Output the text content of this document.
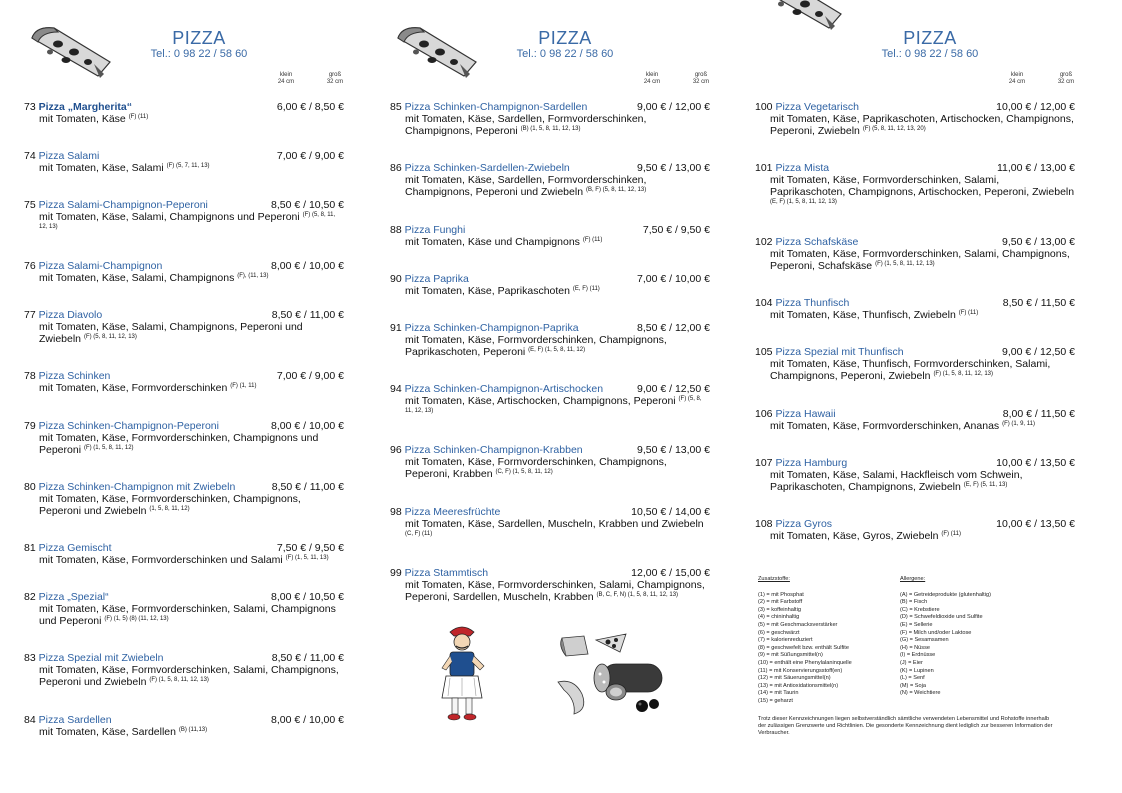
PIZZA
Tel.: 0 98 22 / 58 60
klein
24 cm
groß
32 cm
73 Pizza „Margherita“	6,00 € / 8,50 €
mit Tomaten, Käse $^{(F) (11)}$
74 Pizza Salami	7,00 € / 9,00 €
mit Tomaten, Käse, Salami $^{(F) (5, 7, 11, 13)}$
75 Pizza Salami-Champignon-Peperoni	8,50 € / 10,50 €
mit Tomaten, Käse, Salami, Champignons und Peperoni $^{(F) (5, 8, 11, 12, 13)}$
76 Pizza Salami-Champignon	8,00 € / 10,00 €
mit Tomaten, Käse, Salami, Champignons $^{(F), (11, 13)}$
77 Pizza Diavolo	8,50 € / 11,00 €
mit Tomaten, Käse, Salami, Champignons, Peperoni und Zwiebeln $^{(F) (5, 8, 11, 12, 13)}$
78 Pizza Schinken	7,00 € / 9,00 €
mit Tomaten, Käse, Formvorderschinken $^{(F) (1, 11)}$
79 Pizza Schinken-Champignon-Peperoni	8,00 € / 10,00 €
mit Tomaten, Käse, Formvorderschinken, Champignons und Peperoni $^{(F) (1, 5, 8, 11, 12)}$
80 Pizza Schinken-Champignon mit Zwiebeln	8,50 € / 11,00 €
mit Tomaten, Käse, Formvorderschinken, Champignons, Peperoni und Zwiebeln $^{(1, 5, 8, 11, 12)}$
81 Pizza Gemischt	7,50 € / 9,50 €
mit Tomaten, Käse, Formvorderschinken und Salami $^{(F) (1, 5, 11, 13)}$
82 Pizza „Spezial“	8,00 € / 10,50 €
mit Tomaten, Käse, Formvorderschinken, Salami, Champignons und Peperoni $^{(F) (1, 5) (8) (11, 12, 13)}$
83 Pizza Spezial mit Zwiebeln	8,50 € / 11,00 €
mit Tomaten, Käse, Formvorderschinken, Salami, Champignons, Peperoni und Zwiebeln $^{(F) (1, 5, 8, 11, 12, 13)}$
84 Pizza Sardellen	8,00 € / 10,00 €
mit Tomaten, Käse, Sardellen $^{(B) (11,13)}$
PIZZA
Tel.: 0 98 22 / 58 60
klein
24 cm
groß
32 cm
85 Pizza Schinken-Champignon-Sardellen	9,00 € / 12,00 €
mit Tomaten, Käse, Sardellen, Formvorderschinken, Champignons, Peperoni $^{(B) (1, 5, 8, 11, 12, 13)}$
86 Pizza Schinken-Sardellen-Zwiebeln	9,50 € / 13,00 €
mit Tomaten, Käse, Sardellen, Formvorderschinken, Champignons, Peperoni und Zwiebeln $^{(B, F) (5, 8, 11, 12, 13)}$
88 Pizza Funghi	7,50 € / 9,50 €
mit Tomaten, Käse und Champignons $^{(F) (11)}$
90 Pizza Paprika	7,00 € / 10,00 €
mit Tomaten, Käse, Paprikaschoten $^{(E, F) (11)}$
91 Pizza Schinken-Champignon-Paprika	8,50 € / 12,00 €
mit Tomaten, Käse, Formvorderschinken, Champignons, Paprikaschoten, Peperoni $^{(E, F) (1, 5, 8, 11, 12)}$
94 Pizza Schinken-Champignon-Artischocken	9,00 € / 12,50 €
mit Tomaten, Käse, Artischocken, Champignons, Peperoni $^{(F) (5, 8, 11, 12, 13)}$
96 Pizza Schinken-Champignon-Krabben	9,50 € / 13,00 €
mit Tomaten, Käse, Formvorderschinken, Champignons, Peperoni, Krabben $^{(C, F) (1, 5, 8, 11, 12)}$
98 Pizza Meeresfrüchte	10,50 € / 14,00 €
mit Tomaten, Käse, Sardellen, Muscheln, Krabben und Zwiebeln $^{(C, F) (11)}$
99 Pizza Stammtisch	12,00 € / 15,00 €
mit Tomaten, Käse, Formvorderschinken, Salami, Champignons, Peperoni, Sardellen, Muscheln, Krabben $^{(B, C, F, N) (1, 5, 8, 11, 12, 13)}$
PIZZA
Tel.: 0 98 22 / 58 60
klein
24 cm
groß
32 cm
100 Pizza Vegetarisch	10,00 € / 12,00 €
mit Tomaten, Käse, Paprikaschoten, Artischocken, Champignons, Peperoni, Zwiebeln $^{(F) (5, 8, 11, 12, 13, 20)}$
101 Pizza Mista	11,00 € / 13,00 €
mit Tomaten, Käse, Formvorderschinken, Salami, Paprikaschoten, Champignons, Artischocken, Peperoni, Zwiebeln $^{(E, F) (1, 5, 8, 11, 12, 13)}$
102 Pizza Schafskäse	9,50 € / 13,00 €
mit Tomaten, Käse, Formvorderschinken, Salami, Champignons, Peperoni, Schafskäse $^{(F) (1, 5, 8, 11, 12, 13)}$
104 Pizza Thunfisch	8,50 € / 11,50 €
mit Tomaten, Käse, Thunfisch, Zwiebeln $^{(F) (11)}$
105 Pizza Spezial mit Thunfisch	9,00 € / 12,50 €
mit Tomaten, Käse, Thunfisch, Formvorderschinken, Salami, Champignons, Peperoni, Zwiebeln $^{(F) (1, 5, 8, 11, 12, 13)}$
106 Pizza Hawaii	8,00 € / 11,50 €
mit Tomaten, Käse, Formvorderschinken, Ananas $^{(F) (1, 9, 11)}$
107 Pizza Hamburg	10,00 € / 13,50 €
mit Tomaten, Käse, Salami, Hackfleisch vom Schwein, Paprikaschoten, Champignons, Zwiebeln $^{(E, F) (5, 11, 13)}$
108 Pizza Gyros	10,00 € / 13,50 €
mit Tomaten, Käse, Gyros, Zwiebeln $^{(F) (11)}$
Zusatzstoffe:
(1) = mit Phosphat
(2) = mit Farbstoff
(3) = koffeinhaltig
(4) = chininhaltig
(5) = mit Geschmacksverstärker
(6) = geschwärzt
(7) = kalorienreduziert
(8) = geschwefelt bzw. enthält Sulfite
(9) = mit Süßungsmittel(n)
(10) = enthält eine Phenylalaninquelle
(11) = mit Konservierungsstoff(en)
(12) = mit Säuerungsmittel(n)
(13) = mit Antioxidationsmittel(n)
(14) = mit Taurin
(15) = geharzt
Allergene:
(A) = Getreideprodukte (glutenhaltig)
(B) = Fisch
(C) = Krebstiere
(D) = Schwefeldioxide und Sulfite
(E) = Sellerie
(F) = Milch und/oder Laktose
(G) = Sesamsamen
(H) = Nüsse
(I) = Erdnüsse
(J) = Eier
(K) = Lupinen
(L) = Senf
(M) = Soja
(N) = Weichtiere
Trotz dieser Kennzeichnungen liegen selbstverständlich sämtliche verwendeten Lebensmittel und Rohstoffe innerhalb der zulässigen Grenzwerte und Richtlinien. Die gesonderte Kennzeichnung dient lediglich zur besseren Information der Verbraucher.
